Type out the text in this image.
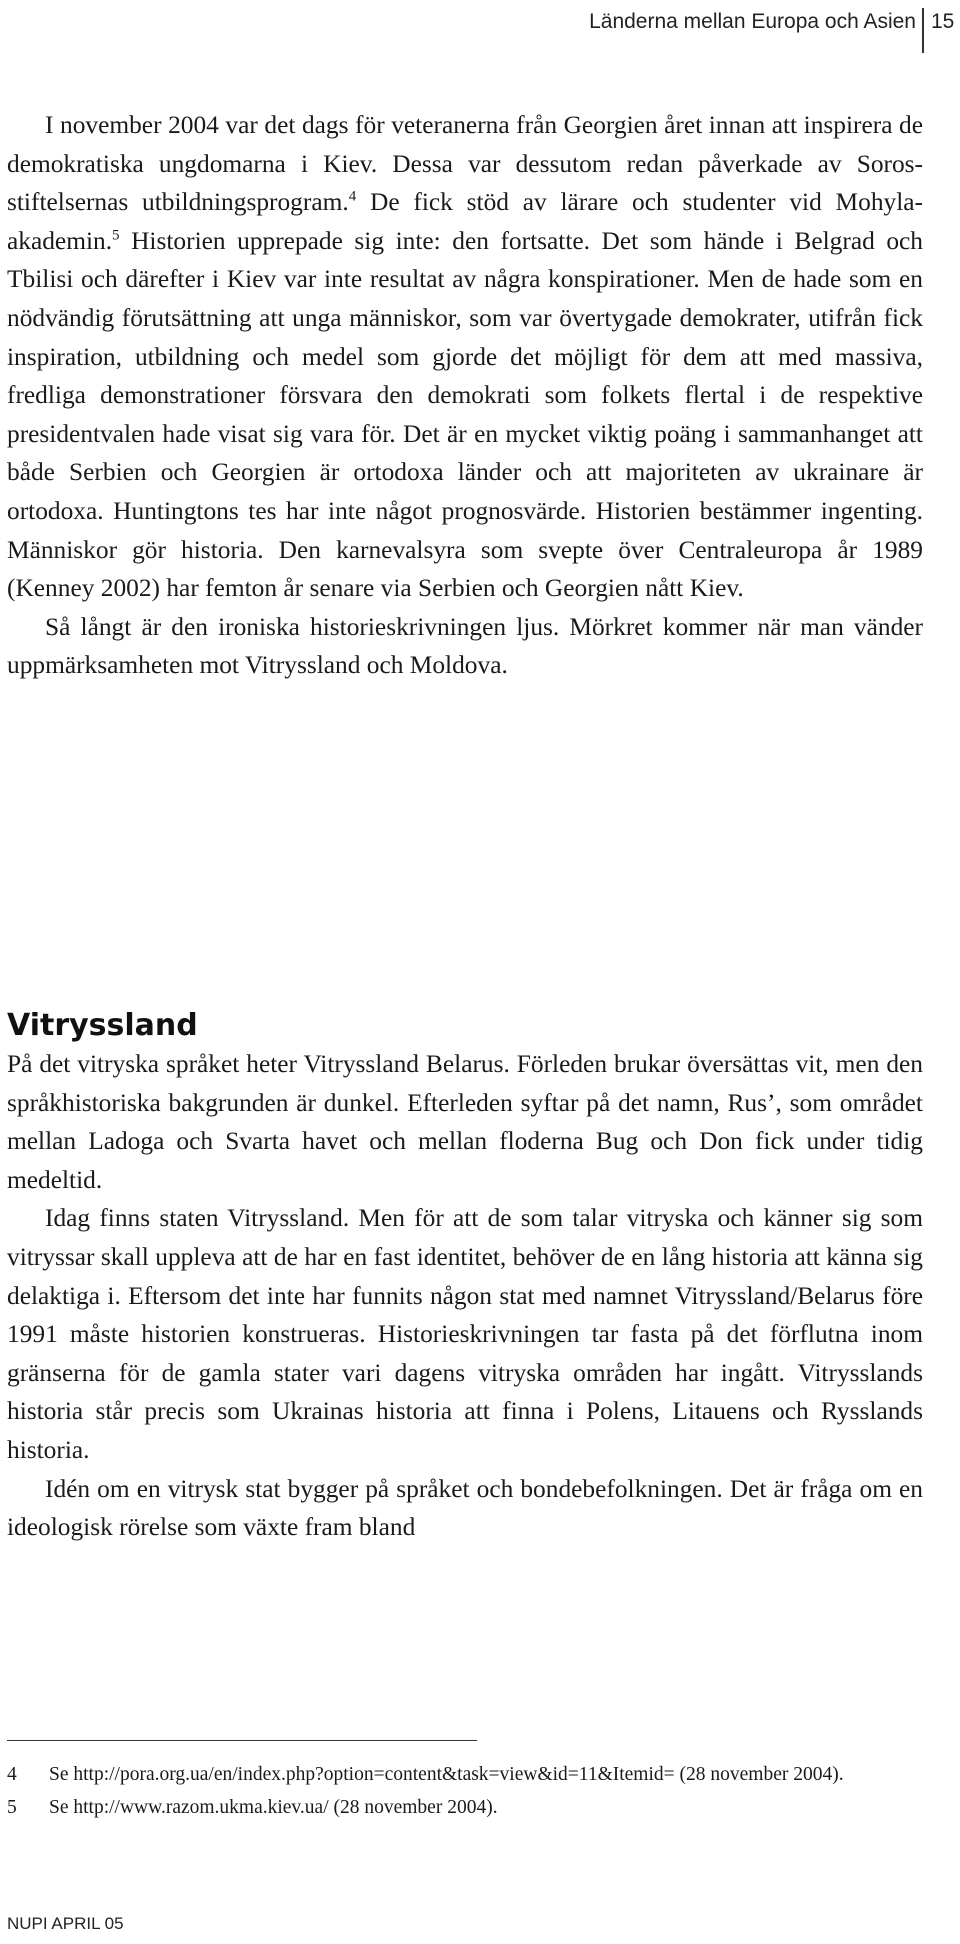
Länderna mellan Europa och Asien 15

I november 2004 var det dags för veteranerna från Georgien året innan att inspirera de demokratiska ungdomarna i Kiev. Dessa var dessutom redan påverkade av Soros-stiftelsernas utbildningsprogram.$^4$ De fick stöd av lärare och studenter vid Mohyla-akademin.$^5$ Historien upprepade sig inte: den fortsatte. Det som hände i Belgrad och Tbilisi och därefter i Kiev var inte resultat av några konspirationer. Men de hade som en nödvändig förutsättning att unga människor, som var övertygade demokrater, utifrån fick inspiration, utbildning och medel som gjorde det möjligt för dem att med massiva, fredliga demonstrationer försvara den demokrati som folkets flertal i de respektive presidentvalen hade visat sig vara för. Det är en mycket viktig poäng i sammanhanget att både Serbien och Georgien är ortodoxa länder och att majoriteten av ukrainare är ortodoxa. Huntingtons tes har inte något prognosvärde. Historien bestämmer ingenting. Människor gör historia. Den karnevalsyra som svepte över Centraleuropa år 1989 (Kenney 2002) har femton år senare via Serbien och Georgien nått Kiev.

Så långt är den ironiska historieskrivningen ljus. Mörkret kommer när man vänder uppmärksamheten mot Vitryssland och Moldova.

Vitryssland

På det vitryska språket heter Vitryssland Belarus. Förleden brukar översättas vit, men den språkhistoriska bakgrunden är dunkel. Efterleden syftar på det namn, Rus’, som området mellan Ladoga och Svarta havet och mellan floderna Bug och Don fick under tidig medeltid.

Idag finns staten Vitryssland. Men för att de som talar vitryska och känner sig som vitryssar skall uppleva att de har en fast identitet, behöver de en lång historia att känna sig delaktiga i. Eftersom det inte har funnits någon stat med namnet Vitryssland/Belarus före 1991 måste historien konstrueras. Historieskrivningen tar fasta på det förflutna inom gränserna för de gamla stater vari dagens vitryska områden har ingått. Vitrysslands historia står precis som Ukrainas historia att finna i Polens, Litauens och Rysslands historia.

Idén om en vitrysk stat bygger på språket och bondebefolkningen. Det är fråga om en ideologisk rörelse som växte fram bland

4 Se http://pora.org.ua/en/index.php?option=content&task=view&id=11&Itemid= (28 november 2004).
5 Se http://www.razom.ukma.kiev.ua/ (28 november 2004).
NUPI APRIL 05
